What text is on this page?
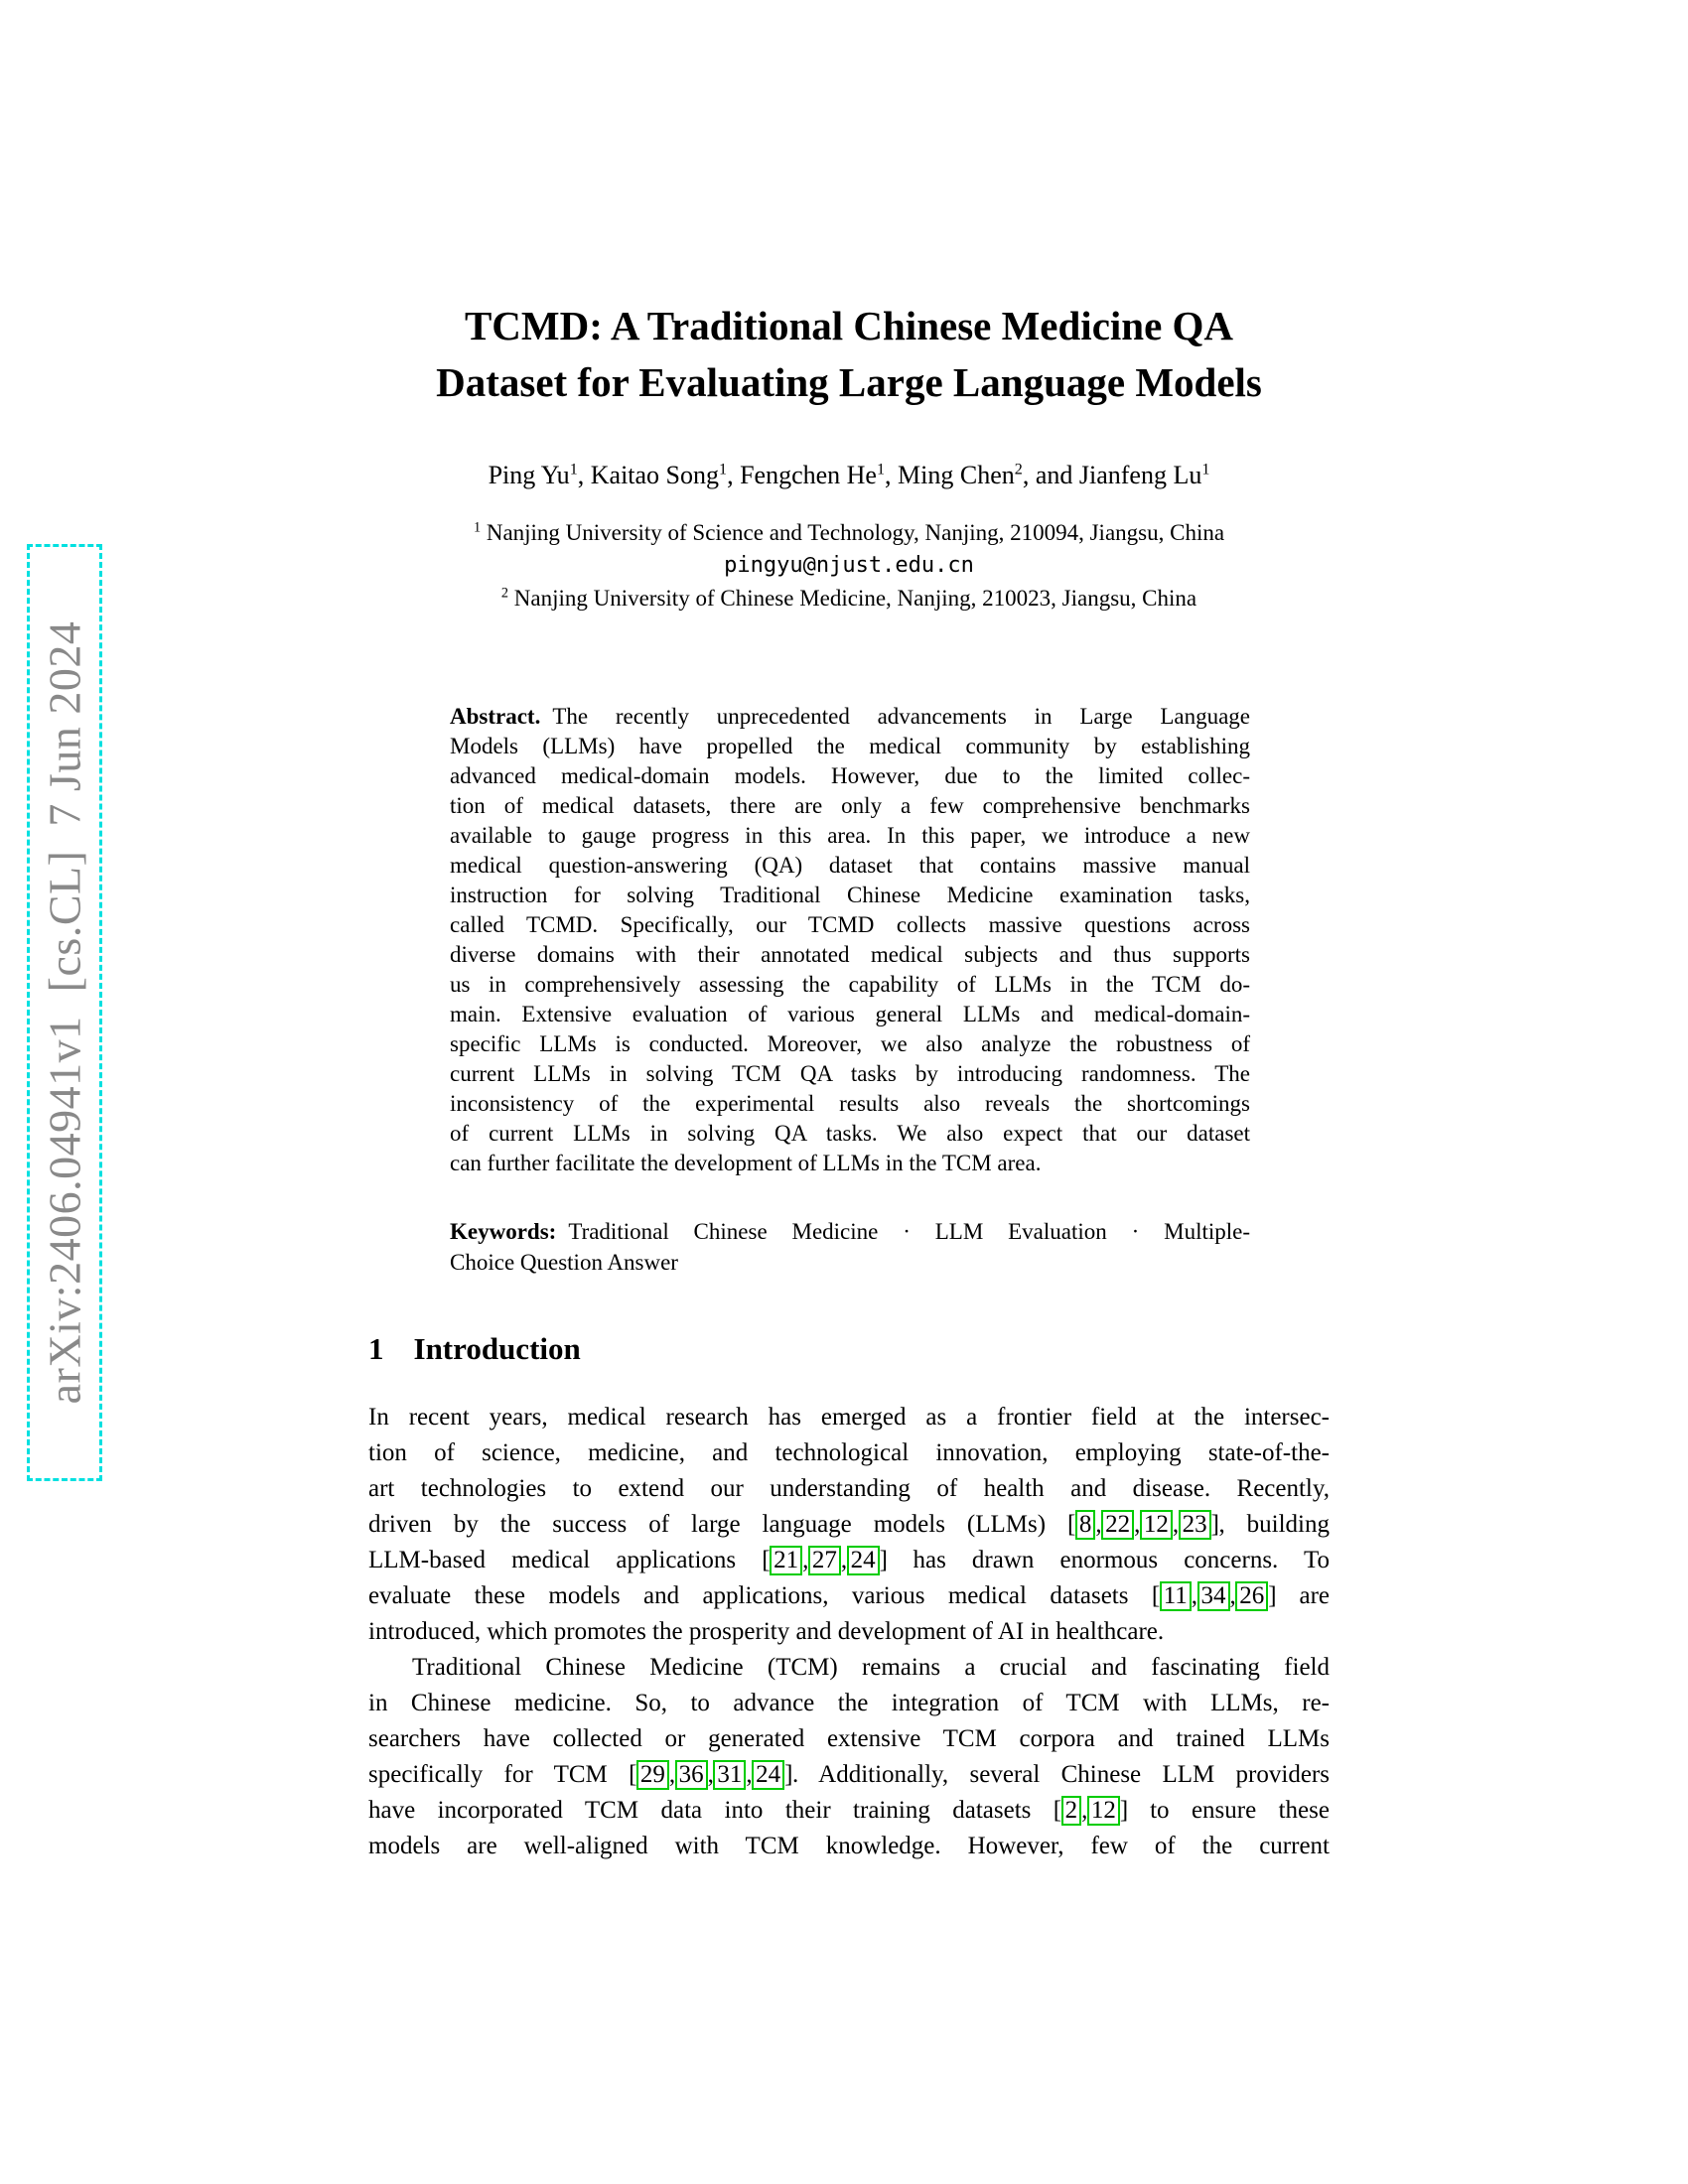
arXiv:2406.04941v1  [cs.CL]  7 Jun 2024
TCMD: A Traditional Chinese Medicine QA
Dataset for Evaluating Large Language Models
Ping Yu$^1$, Kaitao Song$^1$, Fengchen He$^1$, Ming Chen$^2$, and Jianfeng Lu$^1$
$^1$ Nanjing University of Science and Technology, Nanjing, 210094, Jiangsu, China
pingyu@njust.edu.cn
$^2$ Nanjing University of Chinese Medicine, Nanjing, 210023, Jiangsu, China
Abstract. The recently unprecedented advancements in Large Language
Models (LLMs) have propelled the medical community by establishing
advanced medical-domain models. However, due to the limited collec-
tion of medical datasets, there are only a few comprehensive benchmarks
available to gauge progress in this area. In this paper, we introduce a new
medical question-answering (QA) dataset that contains massive manual
instruction for solving Traditional Chinese Medicine examination tasks,
called TCMD. Specifically, our TCMD collects massive questions across
diverse domains with their annotated medical subjects and thus supports
us in comprehensively assessing the capability of LLMs in the TCM do-
main. Extensive evaluation of various general LLMs and medical-domain-
specific LLMs is conducted. Moreover, we also analyze the robustness of
current LLMs in solving TCM QA tasks by introducing randomness. The
inconsistency of the experimental results also reveals the shortcomings
of current LLMs in solving QA tasks. We also expect that our dataset
can further facilitate the development of LLMs in the TCM area.
Keywords: Traditional Chinese Medicine · LLM Evaluation · Multiple-
Choice Question Answer
1 Introduction
In recent years, medical research has emerged as a frontier field at the intersec-
tion of science, medicine, and technological innovation, employing state-of-the-
art technologies to extend our understanding of health and disease. Recently,
driven by the success of large language models (LLMs) [ 8 , 22 , 12 , 23 ], building
LLM-based medical applications [ 21 , 27 , 24 ] has drawn enormous concerns. To
evaluate these models and applications, various medical datasets [ 11 , 34 , 26 ] are
introduced, which promotes the prosperity and development of AI in healthcare.
Traditional Chinese Medicine (TCM) remains a crucial and fascinating field
in Chinese medicine. So, to advance the integration of TCM with LLMs, re-
searchers have collected or generated extensive TCM corpora and trained LLMs
specifically for TCM [ 29 , 36 , 31 , 24 ]. Additionally, several Chinese LLM providers
have incorporated TCM data into their training datasets [ 2 , 12 ] to ensure these
models are well-aligned with TCM knowledge. However, few of the current
